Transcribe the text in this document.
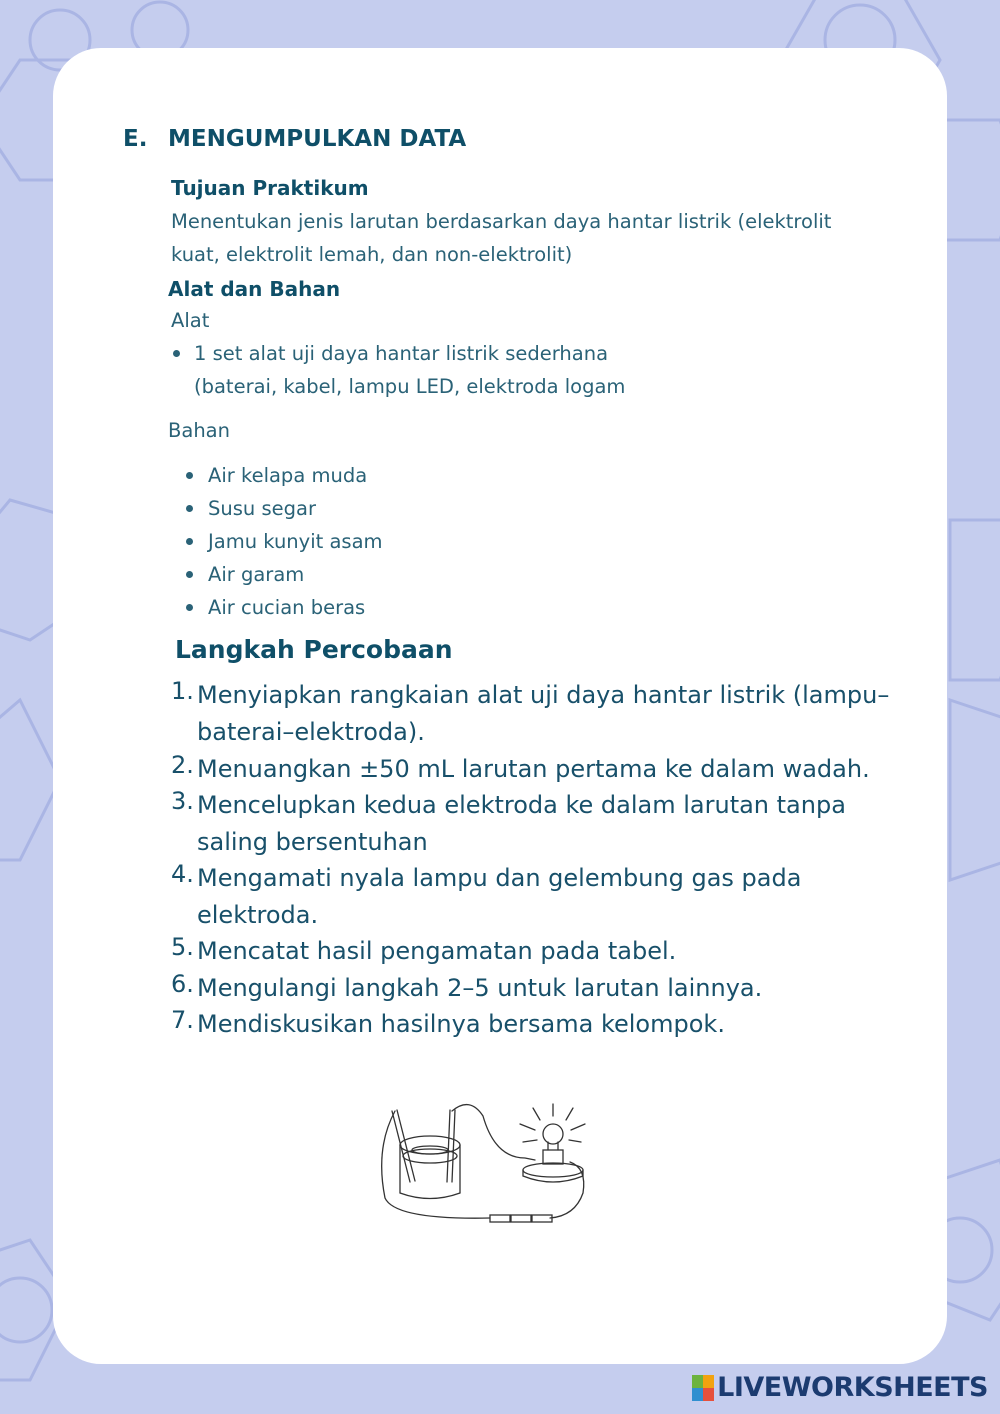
E. MENGUMPULKAN DATA
Tujuan Praktikum
Menentukan jenis larutan berdasarkan daya hantar listrik (elektrolit
kuat, elektrolit lemah, dan non-elektrolit)
Alat dan Bahan
Alat
1 set alat uji daya hantar listrik sederhana
(baterai, kabel, lampu LED, elektroda logam
Bahan
Air kelapa muda
Susu segar
Jamu kunyit asam
Air garam
Air cucian beras
Langkah Percobaan
1. Menyiapkan rangkaian alat uji daya hantar listrik (lampu–
baterai–elektroda).
2. Menuangkan ±50 mL larutan pertama ke dalam wadah.
3. Mencelupkan kedua elektroda ke dalam larutan tanpa
saling bersentuhan
4. Mengamati nyala lampu dan gelembung gas pada
elektroda.
5. Mencatat hasil pengamatan pada tabel.
6. Mengulangi langkah 2–5 untuk larutan lainnya.
7. Mendiskusikan hasilnya bersama kelompok.
LIVEWORKSHEETS
